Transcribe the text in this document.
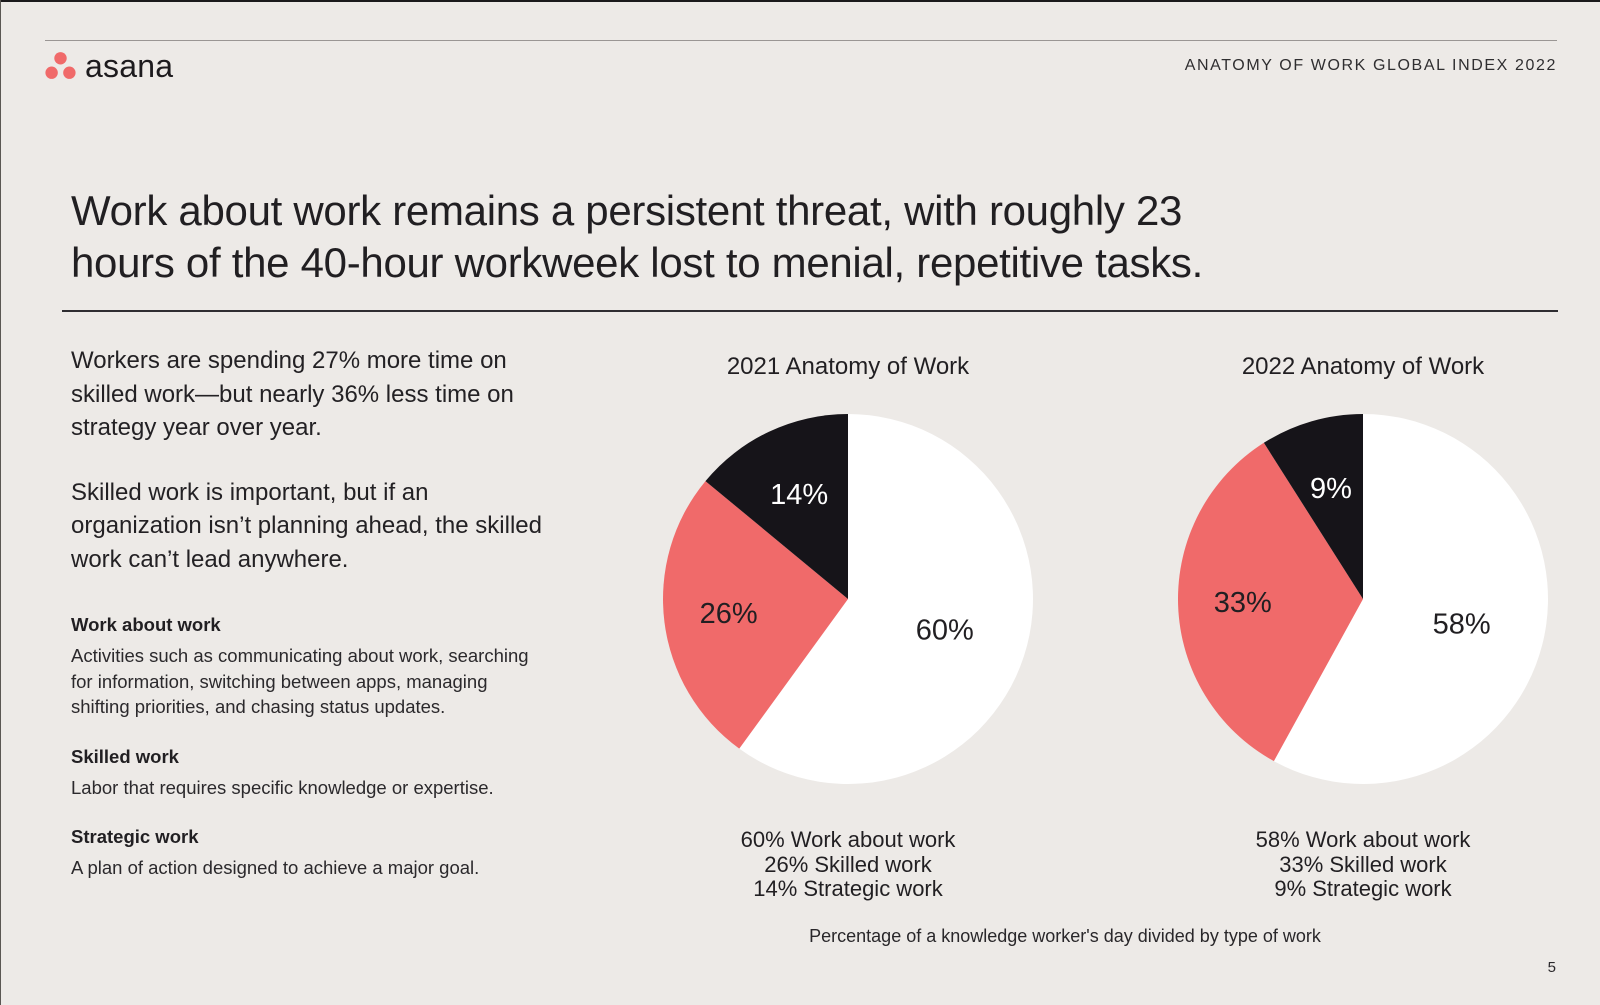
asana	ANATOMY OF WORK GLOBAL INDEX 2022
Work about work remains a persistent threat, with roughly 23
hours of the 40-hour workweek lost to menial, repetitive tasks.

Workers are spending 27% more time on skilled work—but nearly 36% less time on strategy year over year.

Skilled work is important, but if an organization isn’t planning ahead, the skilled work can’t lead anywhere.

Work about work

Activities such as communicating about work, searching for information, switching between apps, managing shifting priorities, and chasing status updates.

Skilled work

Labor that requires specific knowledge or expertise.

Strategic work

A plan of action designed to achieve a major goal.

2021 Anatomy of Work
60%
26%
14%
60% Work about work
26% Skilled work
14% Strategic work
2022 Anatomy of Work
58%
33%
9%
58% Work about work
33% Skilled work
9% Strategic work
Percentage of a knowledge worker's day divided by type of work
5
